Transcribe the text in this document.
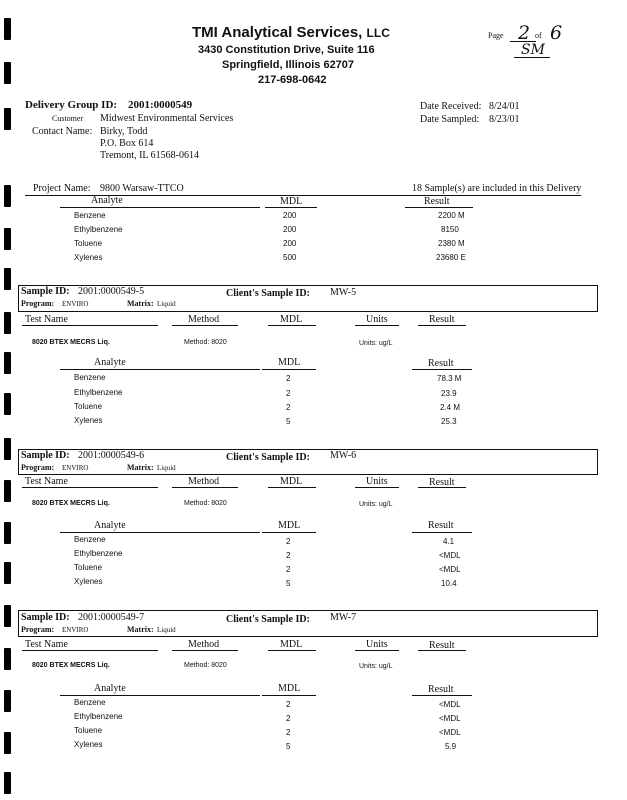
TMI Analytical Services, LLC
3430 Constitution Drive, Suite 116
Springfield, Illinois 62707
217-698-0642
Page 2 of 6
SM
Delivery Group ID: 2001:0000549
Customer Midwest Environmental Services
Contact Name: Birky, Todd
P.O. Box 614
Tremont, IL 61568-0614
Date Received: 8/24/01
Date Sampled: 8/23/01
Project Name: 9800 Warsaw-TTCO	18 Sample(s) are included in this Delivery
Analyte	MDL	Result
Benzene	200	2200 M
Ethylbenzene	200	8150
Toluene	200	2380 M
Xylenes	500	23680 E
Sample ID: 2001:0000549-5	Client's Sample ID: MW-5
Program: ENVIRO	Matrix: Liquid
Test Name	Method	MDL	Units	Result
8020 BTEX MECRS Liq.	Method: 8020	Units: ug/L
Analyte	MDL	Result
Benzene	2	78.3 M
Ethylbenzene	2	23.9
Toluene	2	2.4 M
Xylenes	5	25.3
Sample ID: 2001:0000549-6	Client's Sample ID: MW-6
Program: ENVIRO	Matrix: Liquid
Test Name	Method	MDL	Units	Result
8020 BTEX MECRS Liq.	Method: 8020	Units: ug/L
Analyte	MDL	Result
Benzene	2	4.1
Ethylbenzene	2	<MDL
Toluene	2	<MDL
Xylenes	5	10.4
Sample ID: 2001:0000549-7	Client's Sample ID: MW-7
Program: ENVIRO	Matrix: Liquid
Test Name	Method	MDL	Units	Result
8020 BTEX MECRS Liq.	Method: 8020	Units: ug/L
Analyte	MDL	Result
Benzene	2	<MDL
Ethylbenzene	2	<MDL
Toluene	2	<MDL
Xylenes	5	5.9
